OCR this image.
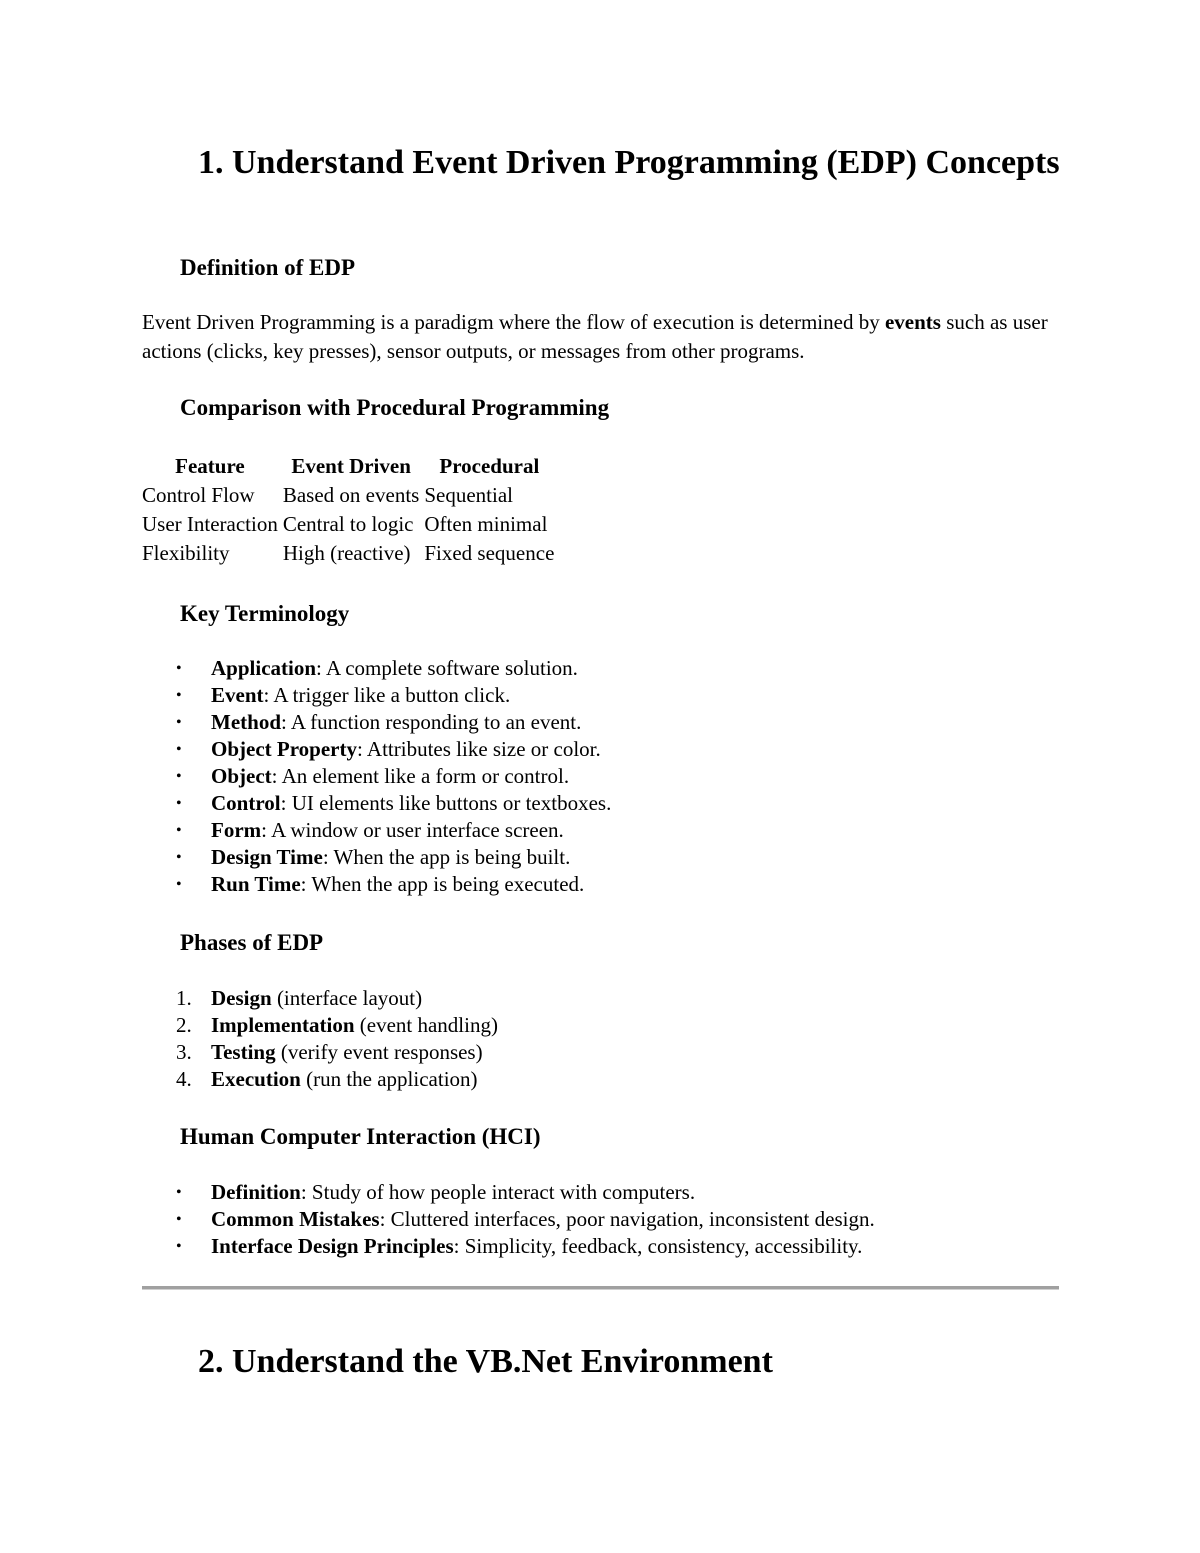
1. Understand Event Driven Programming (EDP) Concepts
Definition of EDP

Event Driven Programming is a paradigm where the flow of execution is determined by events such as user actions (clicks, key presses), sensor outputs, or messages from other programs.

Comparison with Procedural Programming
Feature	Event Driven	Procedural
Control Flow	Based on events	Sequential
User Interaction	Central to logic	Often minimal
Flexibility	High (reactive)	Fixed sequence
Key Terminology
• Application: A complete software solution.
• Event: A trigger like a button click.
• Method: A function responding to an event.
• Object Property: Attributes like size or color.
• Object: An element like a form or control.
• Control: UI elements like buttons or textboxes.
• Form: A window or user interface screen.
• Design Time: When the app is being built.
• Run Time: When the app is being executed.
Phases of EDP
1. Design (interface layout)
2. Implementation (event handling)
3. Testing (verify event responses)
4. Execution (run the application)
Human Computer Interaction (HCI)
• Definition: Study of how people interact with computers.
• Common Mistakes: Cluttered interfaces, poor navigation, inconsistent design.
• Interface Design Principles: Simplicity, feedback, consistency, accessibility.
2. Understand the VB.Net Environment
